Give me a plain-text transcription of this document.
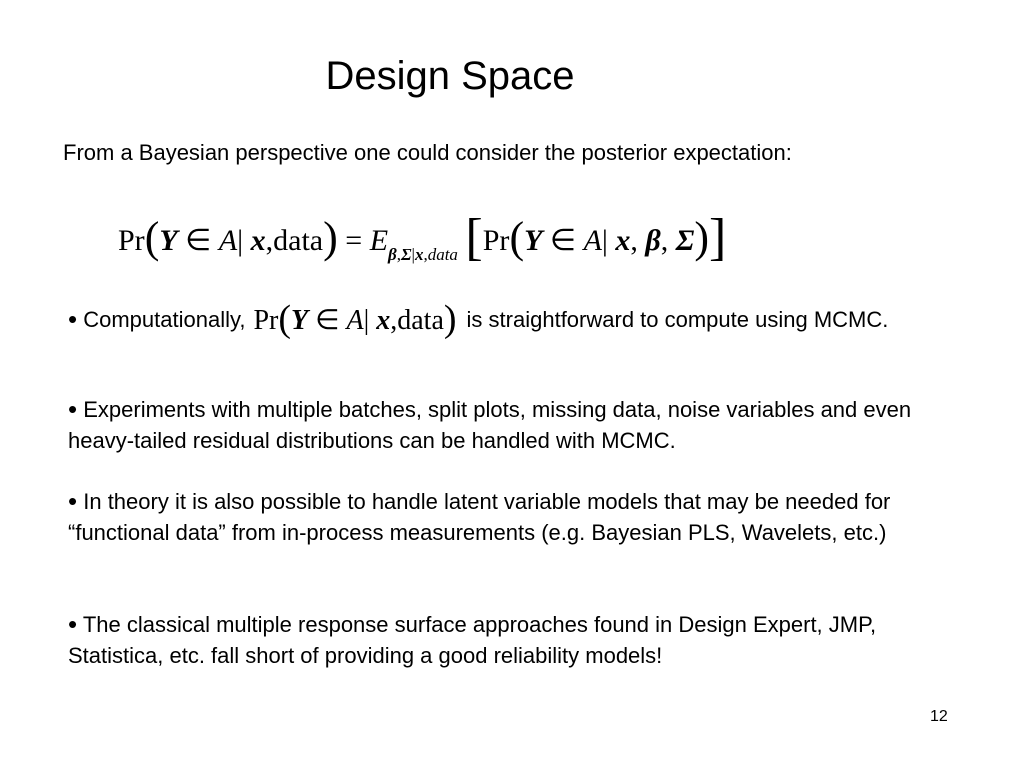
Design Space
From a Bayesian perspective one could consider the posterior expectation:
Pr(Y ∈ A| x,data) = $E_{\beta,\Sigma|x,data}$ [Pr(Y ∈ A| x, β, Σ)]
• Computationally, Pr(Y ∈ A| x,data) is straightforward to compute using MCMC.
• Experiments with multiple batches, split plots, missing data, noise variables and even heavy-tailed residual distributions can be handled with MCMC.
• In theory it is also possible to handle latent variable models that may be needed for “functional data” from in-process measurements (e.g. Bayesian PLS, Wavelets, etc.)
• The classical multiple response surface approaches found in Design Expert, JMP, Statistica, etc. fall short of providing a good reliability models!
12
